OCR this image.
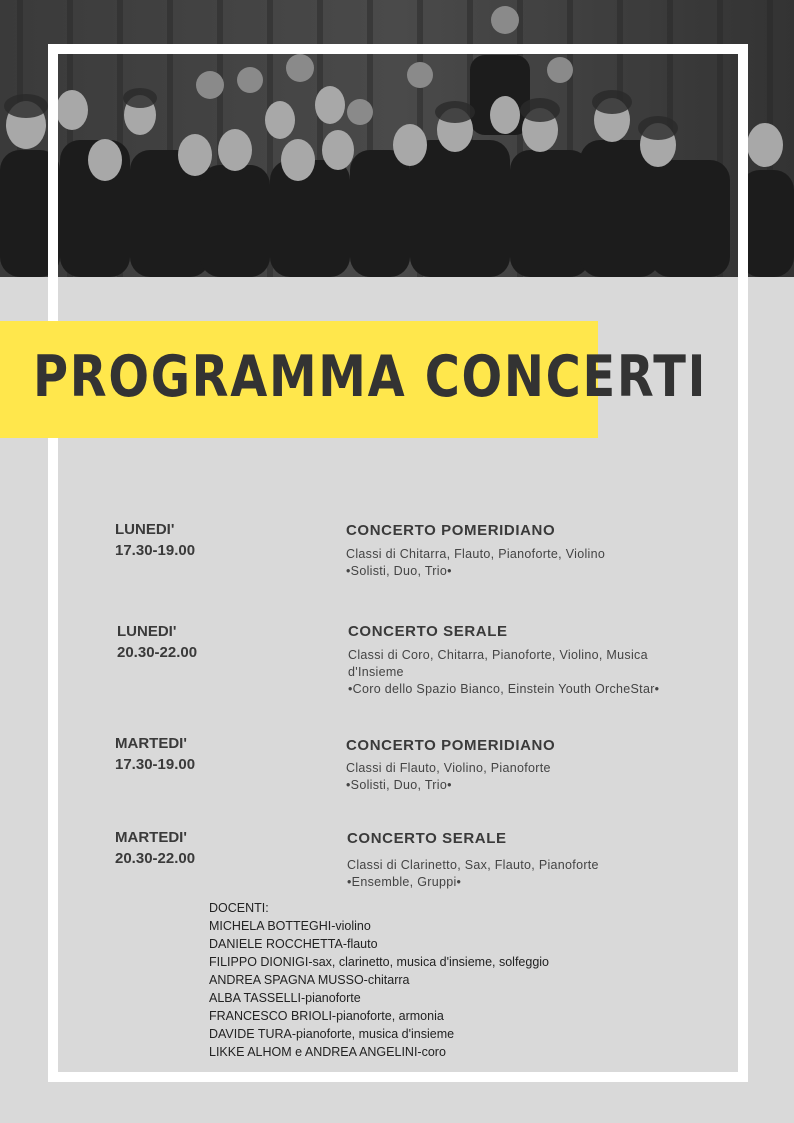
PROGRAMMA CONCERTI
LUNEDI'
17.30-19.00
CONCERTO POMERIDIANO
Classi di Chitarra, Flauto, Pianoforte, Violino
•Solisti, Duo, Trio•
LUNEDI'
20.30-22.00
CONCERTO SERALE
Classi di Coro, Chitarra, Pianoforte, Violino, Musica
d'Insieme
•Coro dello Spazio Bianco, Einstein Youth OrcheStar•
MARTEDI'
17.30-19.00
CONCERTO POMERIDIANO
Classi di Flauto, Violino, Pianoforte
•Solisti, Duo, Trio•
MARTEDI'
20.30-22.00
CONCERTO SERALE
Classi di Clarinetto, Sax, Flauto, Pianoforte
•Ensemble, Gruppi•
DOCENTI:
MICHELA BOTTEGHI-violino
DANIELE ROCCHETTA-flauto
FILIPPO DIONIGI-sax, clarinetto, musica d'insieme, solfeggio
ANDREA SPAGNA MUSSO-chitarra
ALBA TASSELLI-pianoforte
FRANCESCO BRIOLI-pianoforte, armonia
DAVIDE TURA-pianoforte, musica d'insieme
LIKKE ALHOM e ANDREA ANGELINI-coro
